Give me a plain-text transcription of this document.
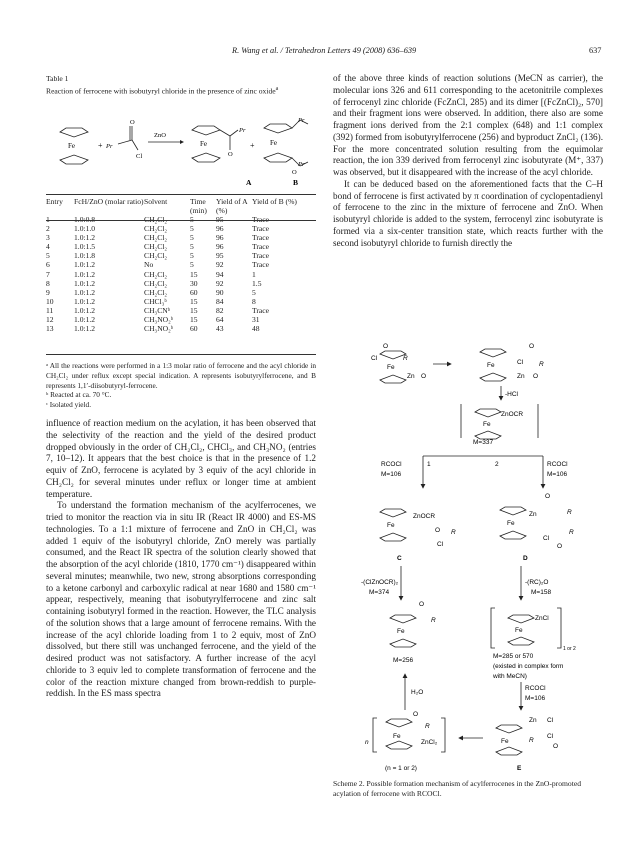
R. Wang et al. / Tetrahedron Letters 49 (2008) 636–639	637
Table 1
Reaction of ferrocene with isobutyryl chloride in the presence of zinc oxide$^a$
Fe	+ Pr
O
Cl
ZnO
Fe
Pr
O
+ Fe
Pr
Pr
O
A	B
Entry	FcH/ZnO (molar ratio)	Solvent	Time (min)	Yield of A (%)	Yield of B (%)
1	1.0:0.8	CH₂Cl₂	5	95	Trace
2	1.0:1.0	CH₂Cl₂	5	96	Trace
3	1.0:1.2	CH₂Cl₂	5	96	Trace
4	1.0:1.5	CH₂Cl₂	5	96	Trace
5	1.0:1.8	CH₂Cl₂	5	95	Trace
6	1.0:1.2	No	5	92	Trace
7	1.0:1.2	CH₂Cl₂	15	94	1
8	1.0:1.2	CH₂Cl₂	30	92	1.5
9	1.0:1.2	CH₂Cl₂	60	90	5
10	1.0:1.2	CHCl₃ᵇ	15	84	8
11	1.0:1.2	CH₃CNᵇ	15	82	Trace
12	1.0:1.2	CH₃NO₂ᵇ	15	64	31
13	1.0:1.2	CH₃NO₂ᵇ	60	43	48

ᵃ All the reactions were performed in a 1:3 molar ratio of ferrocene and the acyl chloride in CH₂Cl₂ under reflux except special indication. A represents isobutyrylferrocene, and B represents 1,1′-diisobutyryl-ferrocene.

ᵇ Reacted at ca. 70 °C.

ᶜ Isolated yield.

influence of reaction medium on the acylation, it has been observed that the selectivity of the reaction and the yield of the desired product dropped obviously in the order of CH₂Cl₂, CHCl₃, and CH₃NO₂ (entries 7, 10–12). It appears that the best choice is that in the presence of 1.2 equiv of ZnO, ferrocene is acylated by 3 equiv of the acyl chloride in CH₂Cl₂ for several minutes under reflux or longer time at ambient temperature.

To understand the formation mechanism of the acylferrocenes, we tried to monitor the reaction via in situ IR (React IR 4000) and ES-MS technologies. To a 1:1 mixture of ferrocene and ZnO in CH₂Cl₂ was added 1 equiv of the isobutyryl chloride, ZnO merely was partially consumed, and the React IR spectra of the solution clearly showed that the absorption of the acyl chloride (1810, 1770 cm⁻¹) disappeared within several minutes; meanwhile, two new, strong absorptions corresponding to a ketone carbonyl and carboxylic radical at near 1680 and 1580 cm⁻¹ appear, respectively, meaning that isobutyrylferrocene and zinc salt containing isobutyryl formed in the reaction. However, the TLC analysis of the solution shows that a large amount of ferrocene remains. With the increase of the acyl chloride loading from 1 to 2 equiv, most of ZnO dissolved, but there still was unchanged ferrocene, and the yield of the desired product was not satisfactory. A further increase of the acyl chloride to 3 equiv led to complete transformation of ferrocene and the color of the reaction mixture changed from brown-reddish to purple-reddish. In the ES mass spectra

of the above three kinds of reaction solutions (MeCN as carrier), the molecular ions 326 and 611 corresponding to the acetonitrile complexes of ferrocenyl zinc chloride (FcZnCl, 285) and its dimer [(FcZnCl)₂, 570] and their fragment ions were observed. In addition, there also are some fragment ions derived from the 2:1 complex (648) and 1:1 complex (392) formed from isobutyrylferrocene (256) and byproduct ZnCl₂ (136). For the more concentrated solution resulting from the equimolar reaction, the ion 339 derived from ferrocenyl zinc isobutyrate (M⁺, 337) was observed, but it disappeared with the increase of the acyl chloride.

It can be deduced based on the aforementioned facts that the C–H bond of ferrocene is first activated by π coordination of cyclopentadienyl of ferrocene to the zinc in the mixture of ferrocene and ZnO. When isobutyryl chloride is added to the system, ferrocenyl zinc isobutyrate is formed via a six-center transition state, which reacts further with the second isobutyryl chloride to furnish directly the

Fe
Cl
O
R
Zn O
Fe	Cl
O
R
Zn O
-HCl
Fe
ZnOCR
M=337
1	2
RCOCl
M=106
RCOCl
M=106
Fe
ZnOCR
O R
Cl
C
Fe
Zn
O
R
R
Cl
O
D
-(ClZnOCR)₂
M=374
-(RC)₂O
M=158
Fe
O
R
M=256
Fe
ZnCl
1 or 2
M=285 or 570
(existed in complex form
with MeCN)
RCOCl
M=106
Fe
Zn Cl
R
Cl
O
E
Fe
O
R
ZnCl₂
n
(n = 1 or 2)
H₂O
Scheme 2. Possible formation mechanism of acylferrocenes in the ZnO-promoted acylation of ferrocene with RCOCl.
